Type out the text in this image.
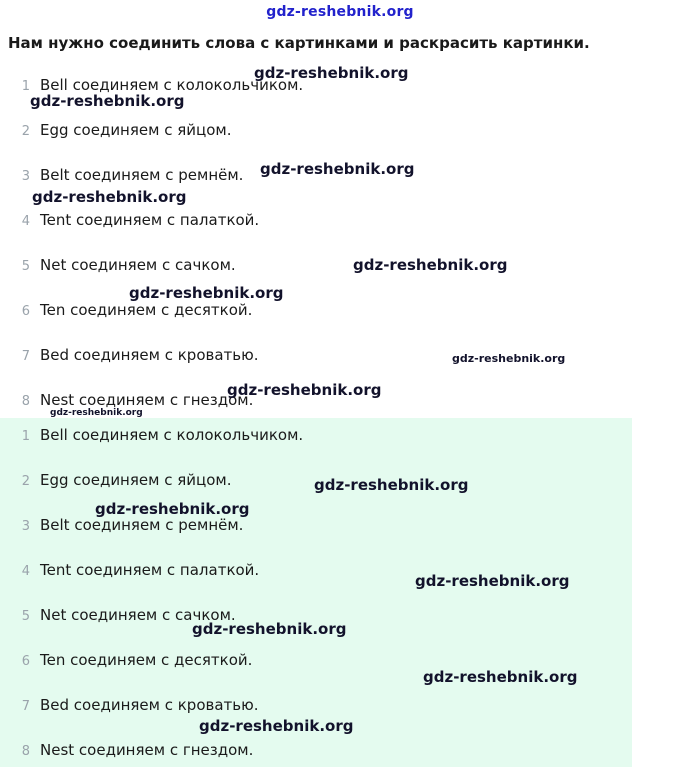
gdz-reshebnik.org
Нам нужно соединить слова с картинками и раскрасить картинки.
1 Bell соединяем с колокольчиком.
2 Egg соединяем с яйцом.
3 Belt соединяем с ремнём.
4 Tent соединяем с палаткой.
5 Net соединяем с сачком.
6 Ten соединяем с десяткой.
7 Bed соединяем с кроватью.
8 Nest соединяем с гнездом.
1 Bell соединяем с колокольчиком.
2 Egg соединяем с яйцом.
3 Belt соединяем с ремнём.
4 Tent соединяем с палаткой.
5 Net соединяем с сачком.
6 Ten соединяем с десяткой.
7 Bed соединяем с кроватью.
8 Nest соединяем с гнездом.
gdz-reshebnik.org
gdz-reshebnik.org
gdz-reshebnik.org
gdz-reshebnik.org
gdz-reshebnik.org
gdz-reshebnik.org
gdz-reshebnik.org
gdz-reshebnik.org
gdz-reshebnik.org
gdz-reshebnik.org
gdz-reshebnik.org
gdz-reshebnik.org
gdz-reshebnik.org
gdz-reshebnik.org
gdz-reshebnik.org
